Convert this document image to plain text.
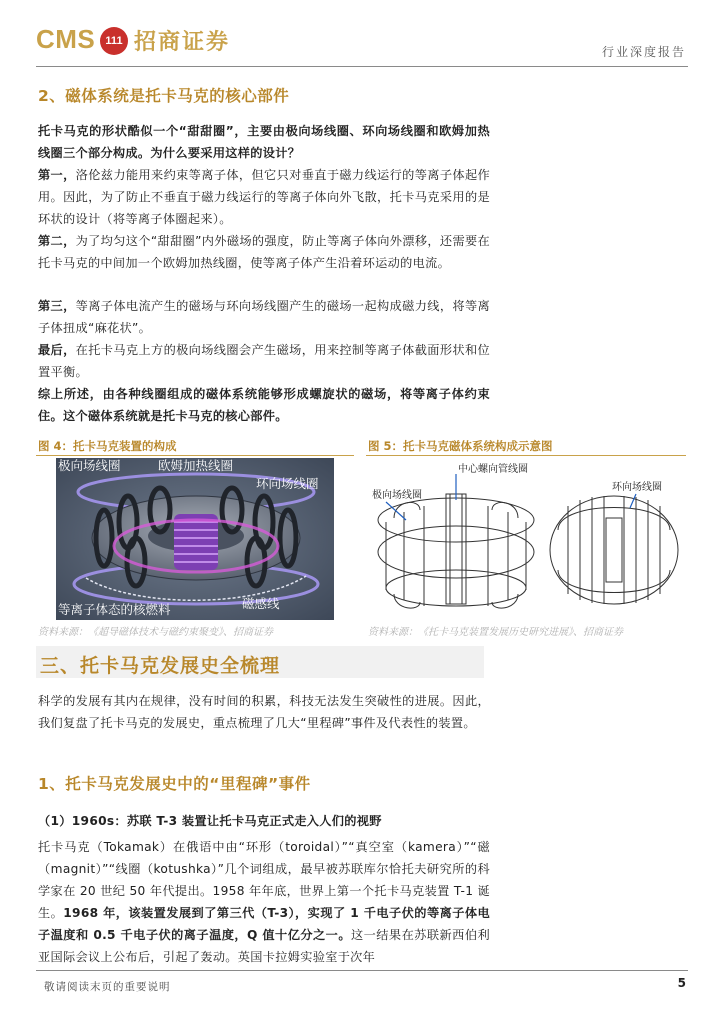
CMS 111 招商证券	行业深度报告
2、磁体系统是托卡马克的核心部件
托卡马克的形状酷似一个“甜甜圈”，主要由极向场线圈、环向场线圈和欧姆加热线圈三个部分构成。为什么要采用这样的设计？
第一，洛伦兹力能用来约束等离子体，但它只对垂直于磁力线运行的等离子体起作用。因此，为了防止不垂直于磁力线运行的等离子体向外飞散，托卡马克采用的是环状的设计（将等离子体圈起来）。
第二，为了均匀这个“甜甜圈”内外磁场的强度，防止等离子体向外漂移，还需要在托卡马克的中间加一个欧姆加热线圈，使等离子体产生沿着环运动的电流。
第三，等离子体电流产生的磁场与环向场线圈产生的磁场一起构成磁力线，将等离子体扭成“麻花状”。
最后，在托卡马克上方的极向场线圈会产生磁场，用来控制等离子体截面形状和位置平衡。
综上所述，由各种线圈组成的磁体系统能够形成螺旋状的磁场，将等离子体约束住。这个磁体系统就是托卡马克的核心部件。
图 4：托卡马克装置的构成
极向场线圈	欧姆加热线圈
环向场线圈
等离子体态的核燃料	磁感线
资料来源：《超导磁体技术与磁约束聚变》、招商证券
图 5：托卡马克磁体系统构成示意图
中心螺向管线圈
极向场线圈
环向场线圈
资料来源：《托卡马克装置发展历史研究进展》、招商证券
三、托卡马克发展史全梳理
科学的发展有其内在规律，没有时间的积累，科技无法发生突破性的进展。因此，我们复盘了托卡马克的发展史，重点梳理了几大“里程碑”事件及代表性的装置。
1、托卡马克发展史中的“里程碑”事件
（1）1960s：苏联 T-3 装置让托卡马克正式走入人们的视野
托卡马克（Tokamak）在俄语中由“环形（toroidal）”“真空室（kamera）”“磁（magnit）”“线圈（kotushka）”几个词组成，最早被苏联库尔恰托夫研究所的科学家在 20 世纪 50 年代提出。1958 年年底，世界上第一个托卡马克装置 T-1 诞生。1968 年，该装置发展到了第三代（T-3），实现了 1 千电子伏的等离子体电子温度和 0.5 千电子伏的离子温度，Q 值十亿分之一。这一结果在苏联新西伯利亚国际会议上公布后，引起了轰动。英国卡拉姆实验室于次年
敬请阅读末页的重要说明	5
